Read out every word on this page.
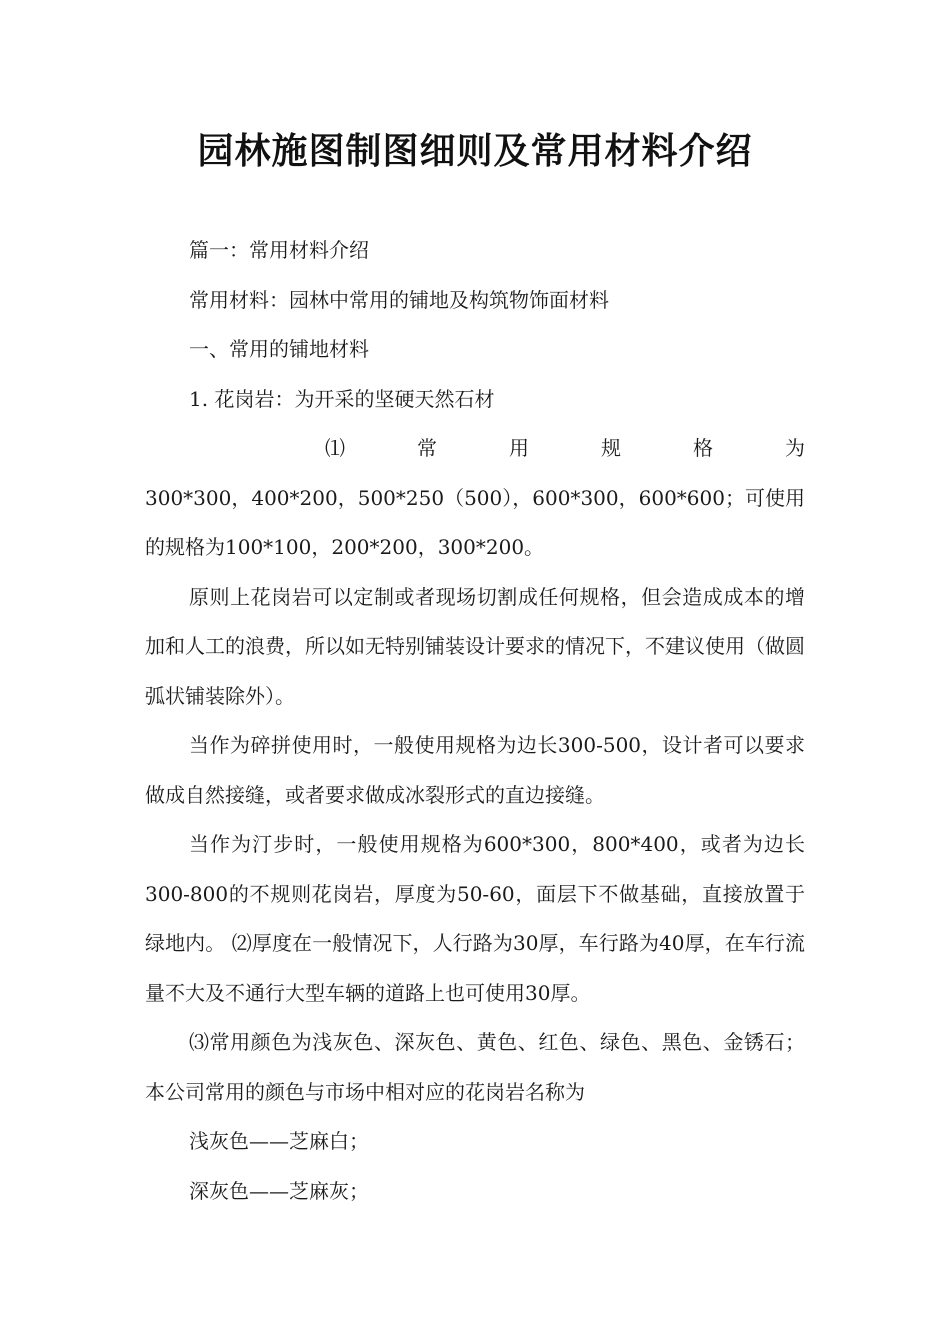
园林施图制图细则及常用材料介绍

篇一：常用材料介绍

常用材料：园林中常用的铺地及构筑物饰面材料

一、常用的铺地材料

1. 花岗岩：为开采的坚硬天然石材

⑴	常	用	规	格	为

300*300，400*200，500*250（500），600*300，600*600；可使用的规格为100*100，200*200，300*200。

原则上花岗岩可以定制或者现场切割成任何规格，但会造成成本的增加和人工的浪费，所以如无特别铺装设计要求的情况下，不建议使用（做圆弧状铺装除外）。

当作为碎拼使用时，一般使用规格为边长300-500，设计者可以要求做成自然接缝，或者要求做成冰裂形式的直边接缝。

当作为汀步时，一般使用规格为600*300，800*400，或者为边长300-800的不规则花岗岩，厚度为50-60，面层下不做基础，直接放置于绿地内。 ⑵厚度在一般情况下，人行路为30厚，车行路为40厚，在车行流量不大及不通行大型车辆的道路上也可使用30厚。

⑶常用颜色为浅灰色、深灰色、黄色、红色、绿色、黑色、金锈石；本公司常用的颜色与市场中相对应的花岗岩名称为

浅灰色——芝麻白；

深灰色——芝麻灰；
